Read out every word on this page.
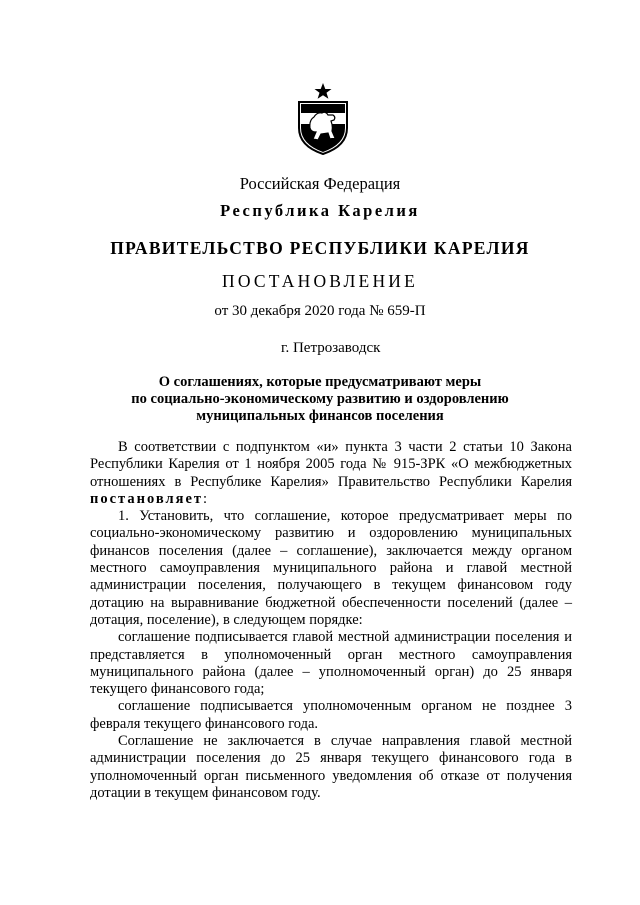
Российская Федерация
Республика Карелия
ПРАВИТЕЛЬСТВО РЕСПУБЛИКИ КАРЕЛИЯ
ПОСТАНОВЛЕНИЕ
от 30 декабря 2020 года № 659-П
г. Петрозаводск
О соглашениях, которые предусматривают меры
по социально-экономическому развитию и оздоровлению
муниципальных финансов поселения

В соответствии с подпунктом «и» пункта 3 части 2 статьи 10 Закона Республики Карелия от 1 ноября 2005 года № 915-ЗРК «О межбюджетных отношениях в Республике Карелия» Правительство Республики Карелия постановляет:

1. Установить, что соглашение, которое предусматривает меры по социально-экономическому развитию и оздоровлению муниципальных финансов поселения (далее – соглашение), заключается между органом местного самоуправления муниципального района и главой местной администрации поселения, получающего в текущем финансовом году дотацию на выравнивание бюджетной обеспеченности поселений (далее – дотация, поселение), в следующем порядке:

соглашение подписывается главой местной администрации поселения и представляется в уполномоченный орган местного самоуправления муниципального района (далее – уполномоченный орган) до 25 января текущего финансового года;

соглашение подписывается уполномоченным органом не позднее 3 февраля текущего финансового года.

Соглашение не заключается в случае направления главой местной администрации поселения до 25 января текущего финансового года в уполномоченный орган письменного уведомления об отказе от получения дотации в текущем финансовом году.
